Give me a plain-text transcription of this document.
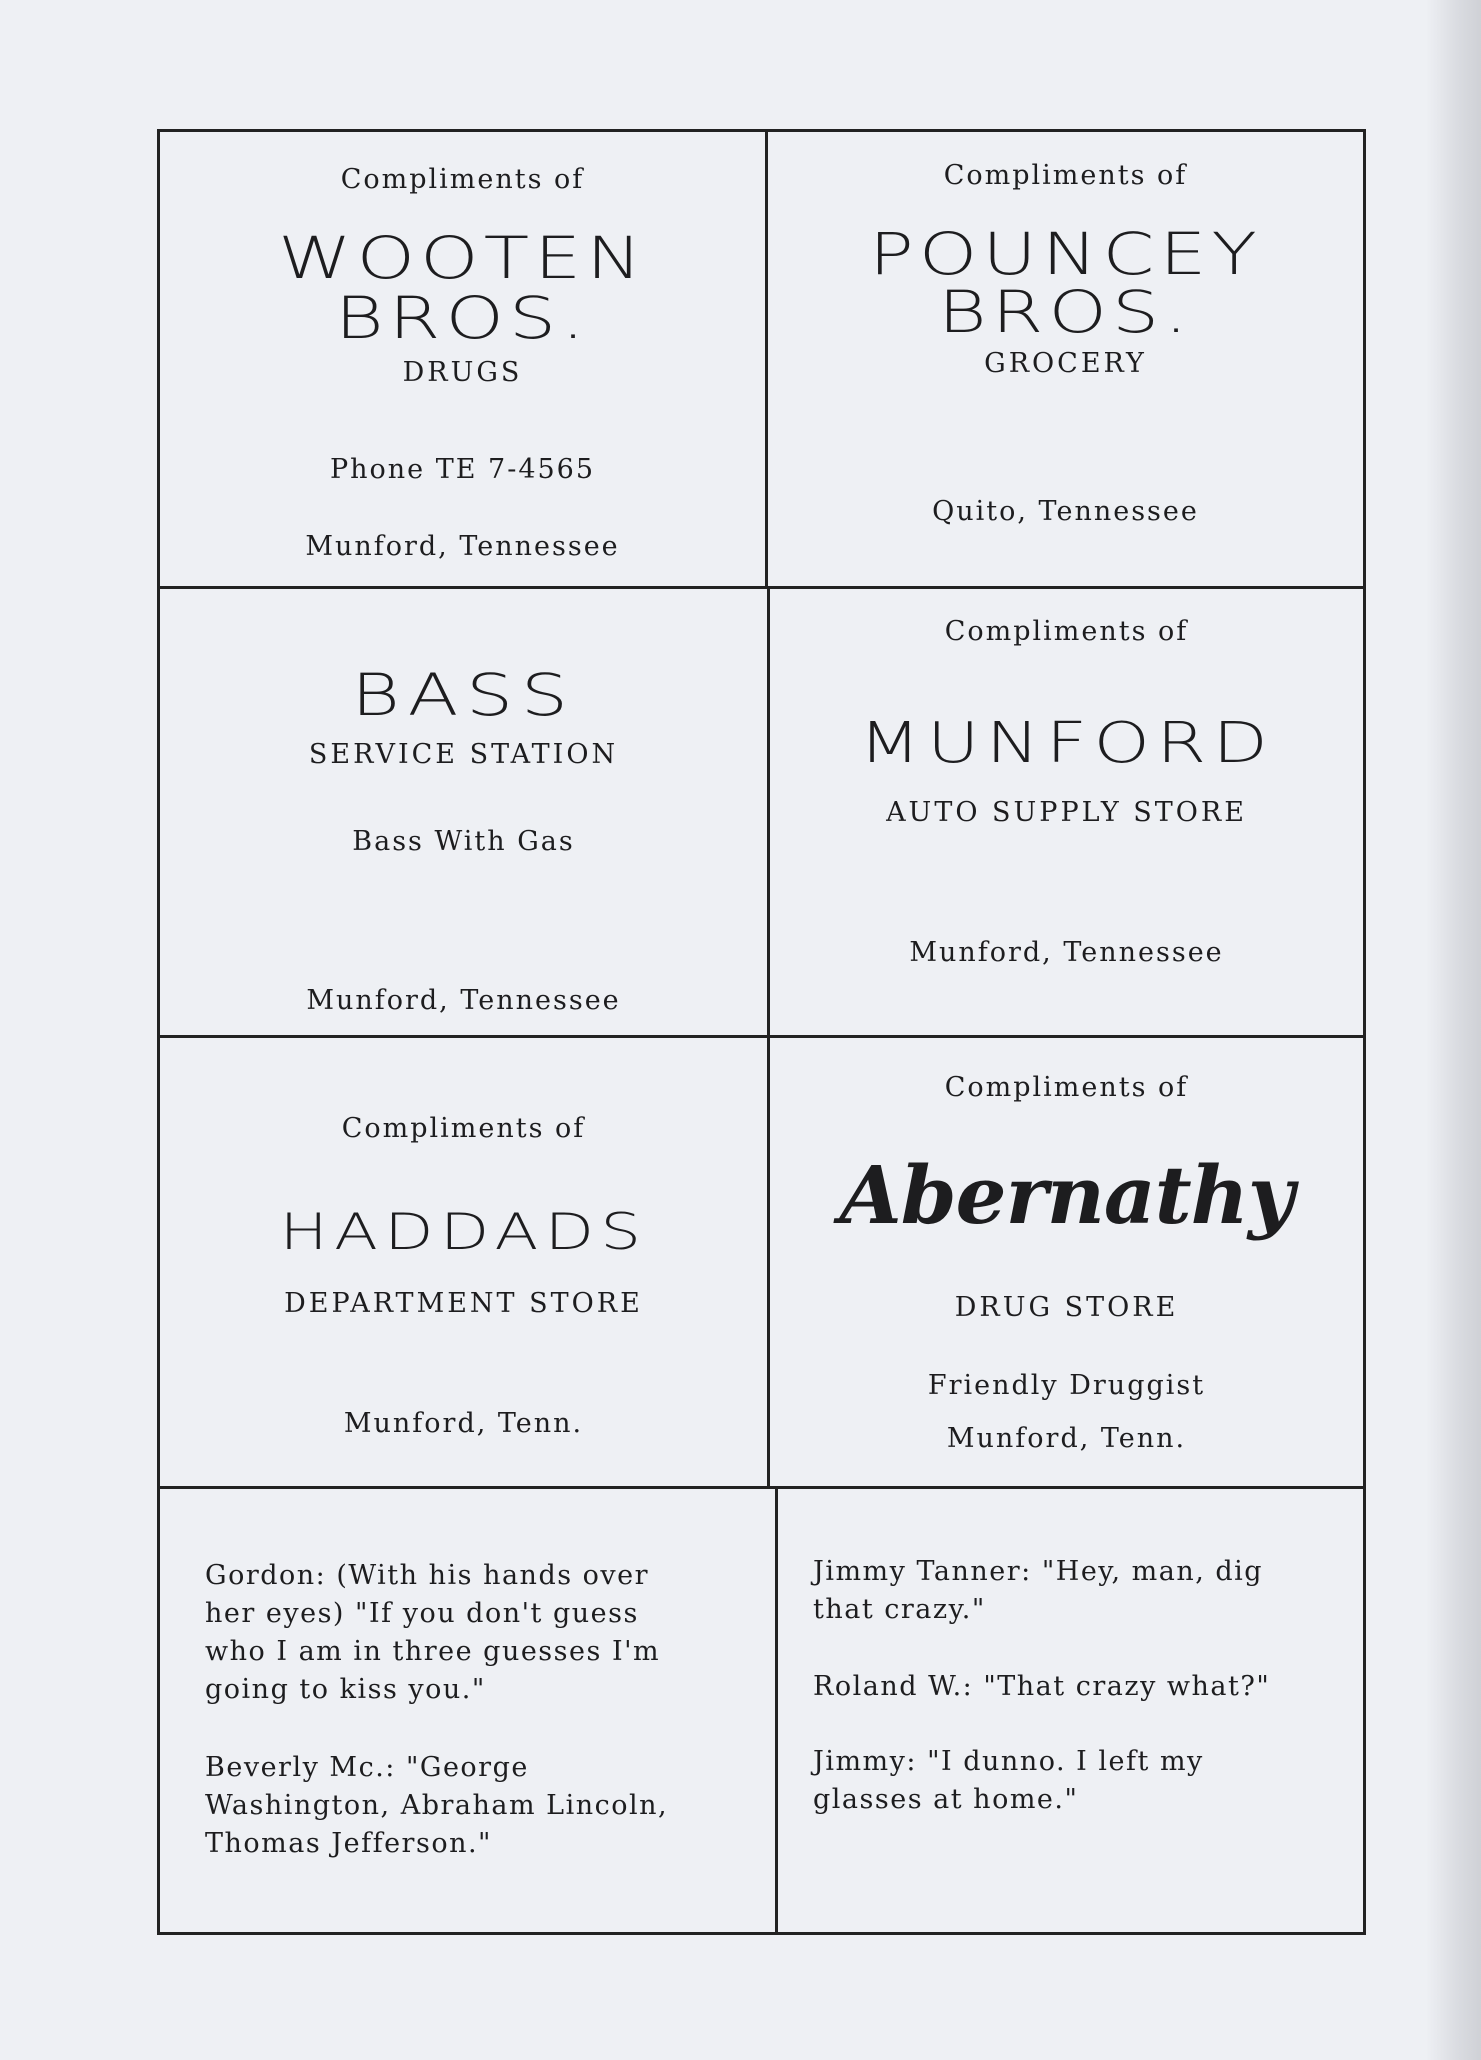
Compliments of
WOOTEN
BROS.
DRUGS
Phone TE 7-4565
Munford, Tennessee
Compliments of
POUNCEY
BROS.
GROCERY
Quito, Tennessee
BASS
SERVICE STATION
Bass With Gas
Munford, Tennessee
Compliments of
MUNFORD
AUTO SUPPLY STORE
Munford, Tennessee
Compliments of
HADDADS
DEPARTMENT STORE
Munford, Tenn.
Compliments of
Abernathy
DRUG STORE
Friendly Druggist
Munford, Tenn.
Gordon: (With his hands over
her eyes) "If you don't guess
who I am in three guesses I'm
going to kiss you."
Beverly Mc.: "George
Washington, Abraham Lincoln,
Thomas Jefferson."
Jimmy Tanner: "Hey, man, dig
that crazy."
Roland W.: "That crazy what?"
Jimmy: "I dunno. I left my
glasses at home."
